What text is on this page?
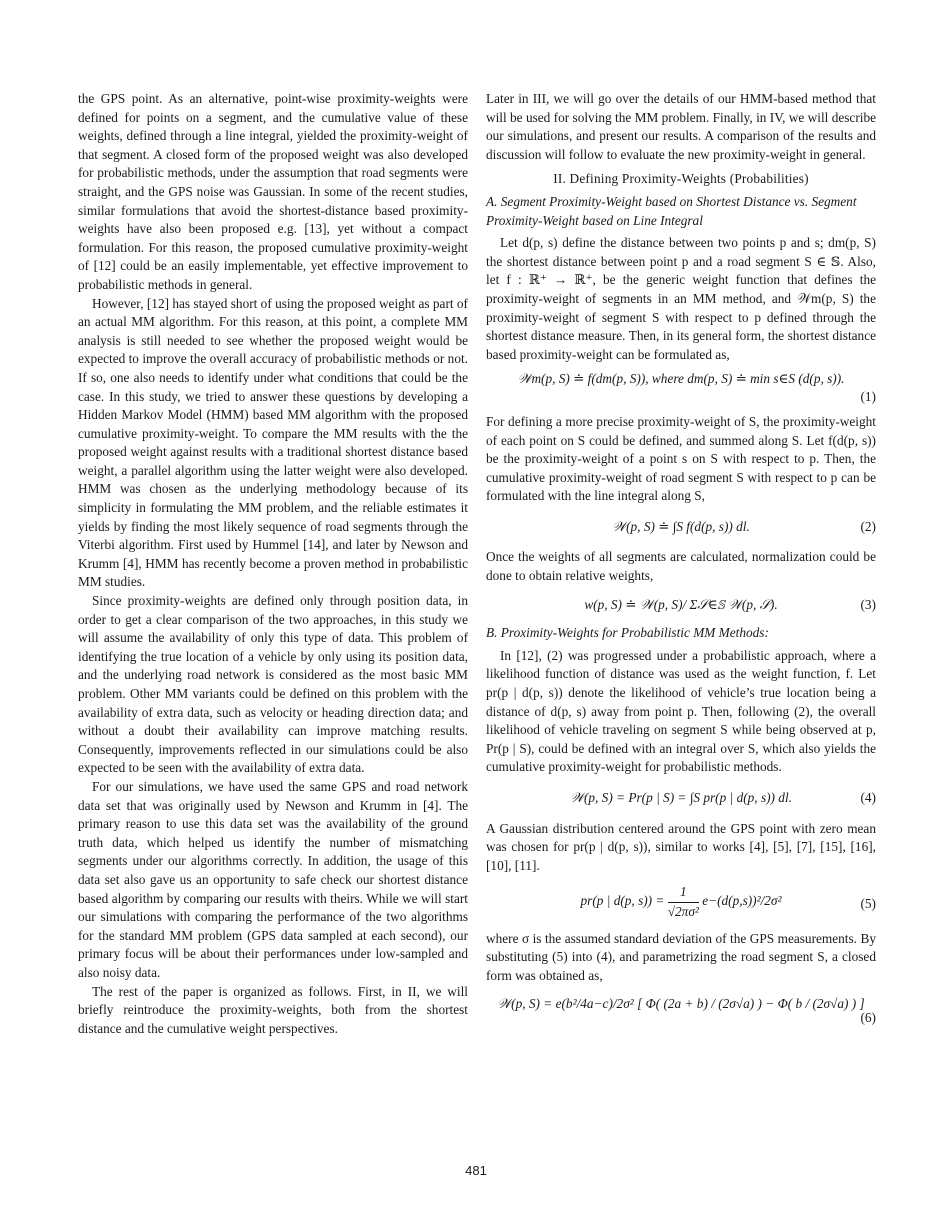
the GPS point. As an alternative, point-wise proximity-weights were defined for points on a segment, and the cumulative value of these weights, defined through a line integral, yielded the proximity-weight of that segment. A closed form of the proposed weight was also developed for probabilistic methods, under the assumption that road segments were straight, and the GPS noise was Gaussian. In some of the recent studies, similar formulations that avoid the shortest-distance based proximity-weights have also been proposed e.g. [13], yet without a compact formulation. For this reason, the proposed cumulative proximity-weight of [12] could be an easily implementable, yet effective improvement to probabilistic methods in general.

However, [12] has stayed short of using the proposed weight as part of an actual MM algorithm. For this reason, at this point, a complete MM analysis is still needed to see whether the proposed weight would be expected to improve the overall accuracy of probabilistic methods or not. If so, one also needs to identify under what conditions that could be the case. In this study, we tried to answer these questions by developing a Hidden Markov Model (HMM) based MM algorithm with the proposed cumulative proximity-weight. To compare the MM results with the the proposed weight against results with a traditional shortest distance based weight, a parallel algorithm using the latter weight were also developed. HMM was chosen as the underlying methodology because of its simplicity in formulating the MM problem, and the reliable estimates it yields by finding the most likely sequence of road segments through the Viterbi algorithm. First used by Hummel [14], and later by Newson and Krumm [4], HMM has recently become a proven method in probabilistic MM studies.

Since proximity-weights are defined only through position data, in order to get a clear comparison of the two approaches, in this study we will assume the availability of only this type of data. This problem of identifying the true location of a vehicle by only using its position data, and the underlying road network is considered as the most basic MM problem. Other MM variants could be defined on this problem with the availability of extra data, such as velocity or heading direction data; and without a doubt their availability can improve matching results. Consequently, improvements reflected in our simulations could be also expected to be seen with the availability of extra data.

For our simulations, we have used the same GPS and road network data set that was originally used by Newson and Krumm in [4]. The primary reason to use this data set was the availability of the ground truth data, which helped us identify the number of mismatching segments under our algorithms correctly. In addition, the usage of this data set also gave us an opportunity to safe check our shortest distance based algorithm by comparing our results with theirs. While we will start our simulations with comparing the performance of the two algorithms for the standard MM problem (GPS data sampled at each second), our primary focus will be about their performances under low-sampled and also noisy data.

The rest of the paper is organized as follows. First, in II, we will briefly reintroduce the proximity-weights, both from the shortest distance and the cumulative weight perspectives.

Later in III, we will go over the details of our HMM-based method that will be used for solving the MM problem. Finally, in IV, we will describe our simulations, and present our results. A comparison of the results and discussion will follow to evaluate the new proximity-weight in general.

II. Defining Proximity-Weights (Probabilities)
A. Segment Proximity-Weight based on Shortest Distance vs. Segment Proximity-Weight based on Line Integral

Let d(p, s) define the distance between two points p and s; dm(p, S) the shortest distance between point p and a road segment S ∈ 𝕊. Also, let f : ℝ⁺ → ℝ⁺, be the generic weight function that defines the proximity-weight of segments in an MM method, and 𝒲m(p, S) the proximity-weight of segment S with respect to p defined through the shortest distance measure. Then, in its general form, the shortest distance based proximity-weight can be formulated as,

𝒲m(p, S) ≐ f(dm(p, S)), where dm(p, S) ≐ min s∈S (d(p, s)).
(1)

For defining a more precise proximity-weight of S, the proximity-weight of each point on S could be defined, and summed along S. Let f(d(p, s)) be the proximity-weight of a point s on S with respect to p. Then, the cumulative proximity-weight of road segment S with respect to p can be formulated with the line integral along S,

𝒲(p, S) ≐ ∫S f(d(p, s)) dl.	(2)

Once the weights of all segments are calculated, normalization could be done to obtain relative weights,

w(p, S) ≐ 𝒲(p, S)/ Σ𝒮∈𝕊 𝒲(p, 𝒮).	(3)
B. Proximity-Weights for Probabilistic MM Methods:

In [12], (2) was progressed under a probabilistic approach, where a likelihood function of distance was used as the weight function, f. Let pr(p | d(p, s)) denote the likelihood of vehicle’s true location being a distance of d(p, s) away from point p. Then, following (2), the overall likelihood of vehicle traveling on segment S while being observed at p, Pr(p | S), could be defined with an integral over S, which also yields the cumulative proximity-weight for probabilistic methods.

𝒲(p, S) = Pr(p | S) = ∫S pr(p | d(p, s)) dl.	(4)

A Gaussian distribution centered around the GPS point with zero mean was chosen for pr(p | d(p, s)), similar to works [4], [5], [7], [15], [16], [10], [11].

pr(p | d(p, $s)) = \frac{1}{\text{√2πσ²}} e-(d(p,s))^2/2\sigma^2$	(5)

where σ is the assumed standard deviation of the GPS measurements. By substituting (5) into (4), and parametrizing the road segment S, a closed form was obtained as,

𝒲(p, S) = e(b²/4a−c)/2σ² [ Φ( (2a + b) / (2σ√a) ) − Φ( b / (2σ√a) ) ]
(6)
481
